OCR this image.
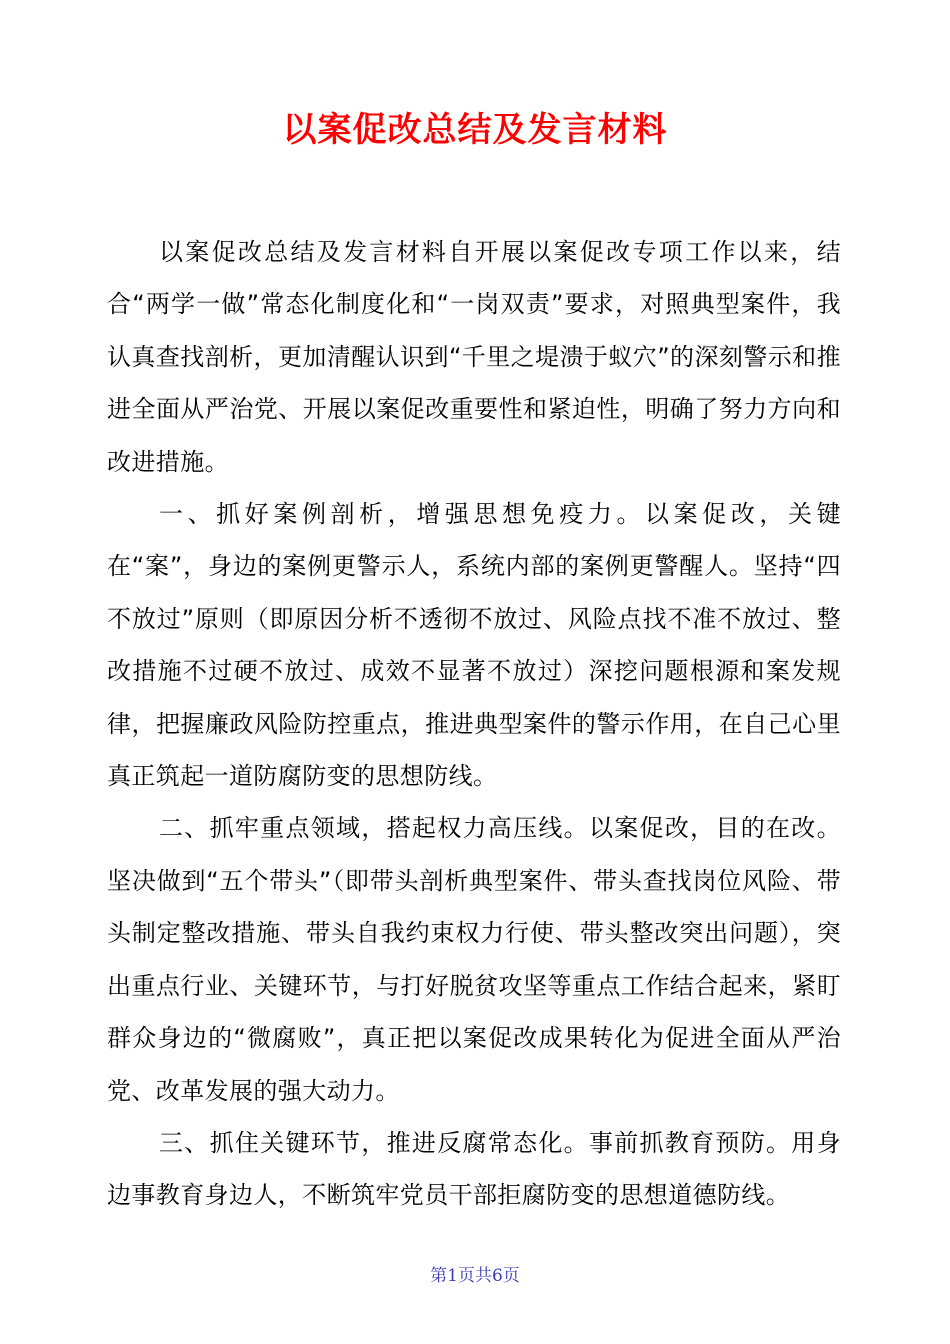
以案促改总结及发言材料

以案促改总结及发言材料自开展以案促改专项工作以来，结合“两学一做”常态化制度化和“一岗双责”要求，对照典型案件，我认真查找剖析，更加清醒认识到“千里之堤溃于蚁穴”的深刻警示和推进全面从严治党、开展以案促改重要性和紧迫性，明确了努力方向和改进措施。

一、抓好案例剖析，增强思想免疫力。以案促改，关键在“案”，身边的案例更警示人，系统内部的案例更警醒人。坚持“四不放过”原则（即原因分析不透彻不放过、风险点找不准不放过、整改措施不过硬不放过、成效不显著不放过）深挖问题根源和案发规律，把握廉政风险防控重点，推进典型案件的警示作用，在自己心里真正筑起一道防腐防变的思想防线。

二、抓牢重点领域，搭起权力高压线。以案促改，目的在改。坚决做到“五个带头”（即带头剖析典型案件、带头查找岗位风险、带头制定整改措施、带头自我约束权力行使、带头整改突出问题），突出重点行业、关键环节，与打好脱贫攻坚等重点工作结合起来，紧盯群众身边的“微腐败”，真正把以案促改成果转化为促进全面从严治党、改革发展的强大动力。

三、抓住关键环节，推进反腐常态化。事前抓教育预防。用身边事教育身边人，不断筑牢党员干部拒腐防变的思想道德防线。

第1页共6页
